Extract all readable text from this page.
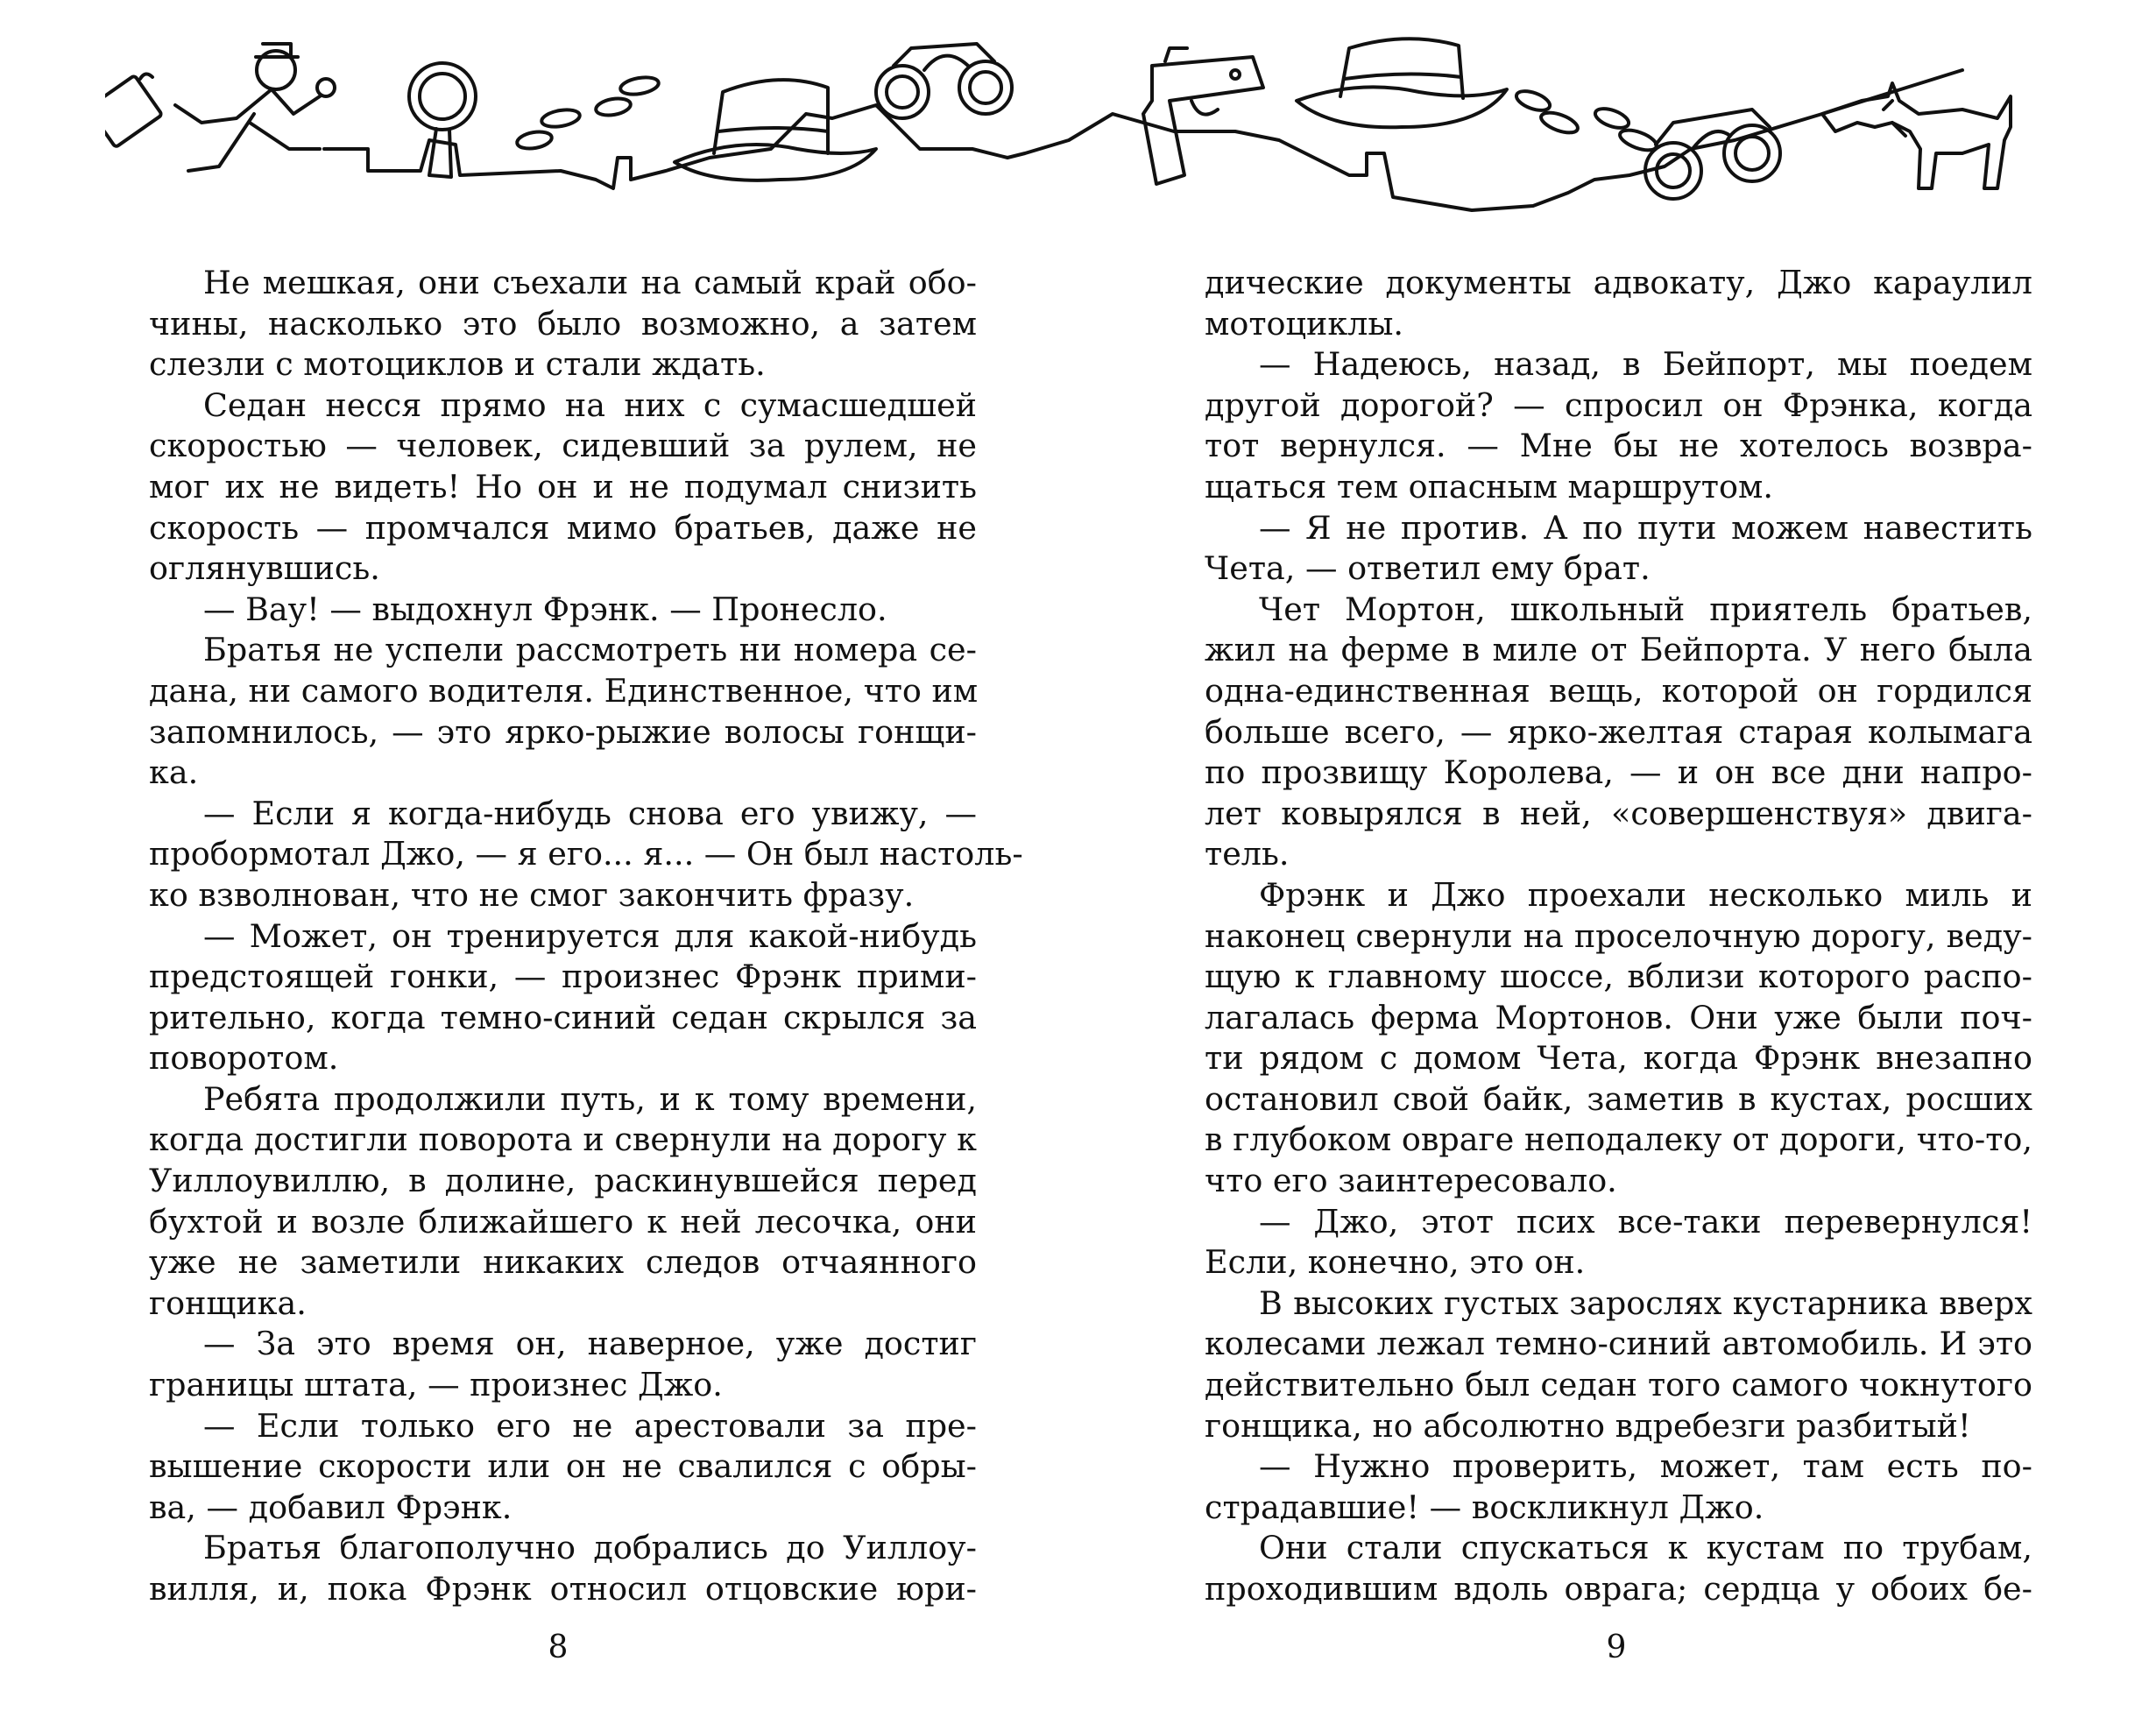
Не мешкая, они съехали на самый край обо-
чины, насколько это было возможно, а затем
слезли с мотоциклов и стали ждать.
Седан несся прямо на них с сумасшедшей
скоростью — человек, сидевший за рулем, не
мог их не видеть! Но он и не подумал снизить
скорость — промчался мимо братьев, даже не
оглянувшись.
— Вау! — выдохнул Фрэнк. — Пронесло.
Братья не успели рассмотреть ни номера се-
дана, ни самого водителя. Единственное, что им
запомнилось, — это ярко-рыжие волосы гонщи-
ка.
— Если я когда-нибудь снова его увижу, —
пробормотал Джо, — я его... я... — Он был настоль-
ко взволнован, что не смог закончить фразу.
— Может, он тренируется для какой-нибудь
предстоящей гонки, — произнес Фрэнк прими-
рительно, когда темно-синий седан скрылся за
поворотом.
Ребята продолжили путь, и к тому времени,
когда достигли поворота и свернули на дорогу к
Уиллоувиллю, в долине, раскинувшейся перед
бухтой и возле ближайшего к ней лесочка, они
уже не заметили никаких следов отчаянного
гонщика.
— За это время он, наверное, уже достиг
границы штата, — произнес Джо.
— Если только его не арестовали за пре-
вышение скорости или он не свалился с обры-
ва, — добавил Фрэнк.
Братья благополучно добрались до Уиллоу-
вилля, и, пока Фрэнк относил отцовские юри-
дические документы адвокату, Джо караулил
мотоциклы.
— Надеюсь, назад, в Бейпорт, мы поедем
другой дорогой? — спросил он Фрэнка, когда
тот вернулся. — Мне бы не хотелось возвра-
щаться тем опасным маршрутом.
— Я не против. А по пути можем навестить
Чета, — ответил ему брат.
Чет Мортон, школьный приятель братьев,
жил на ферме в миле от Бейпорта. У него была
одна-единственная вещь, которой он гордился
больше всего, — ярко-желтая старая колымага
по прозвищу Королева, — и он все дни напро-
лет ковырялся в ней, «совершенствуя» двига-
тель.
Фрэнк и Джо проехали несколько миль и
наконец свернули на проселочную дорогу, веду-
щую к главному шоссе, вблизи которого распо-
лагалась ферма Мортонов. Они уже были поч-
ти рядом с домом Чета, когда Фрэнк внезапно
остановил свой байк, заметив в кустах, росших
в глубоком овраге неподалеку от дороги, что-то,
что его заинтересовало.
— Джо, этот псих все-таки перевернулся!
Если, конечно, это он.
В высоких густых зарослях кустарника вверх
колесами лежал темно-синий автомобиль. И это
действительно был седан того самого чокнутого
гонщика, но абсолютно вдребезги разбитый!
— Нужно проверить, может, там есть по-
страдавшие! — воскликнул Джо.
Они стали спускаться к кустам по трубам,
проходившим вдоль оврага; сердца у обоих бе-
8	9
